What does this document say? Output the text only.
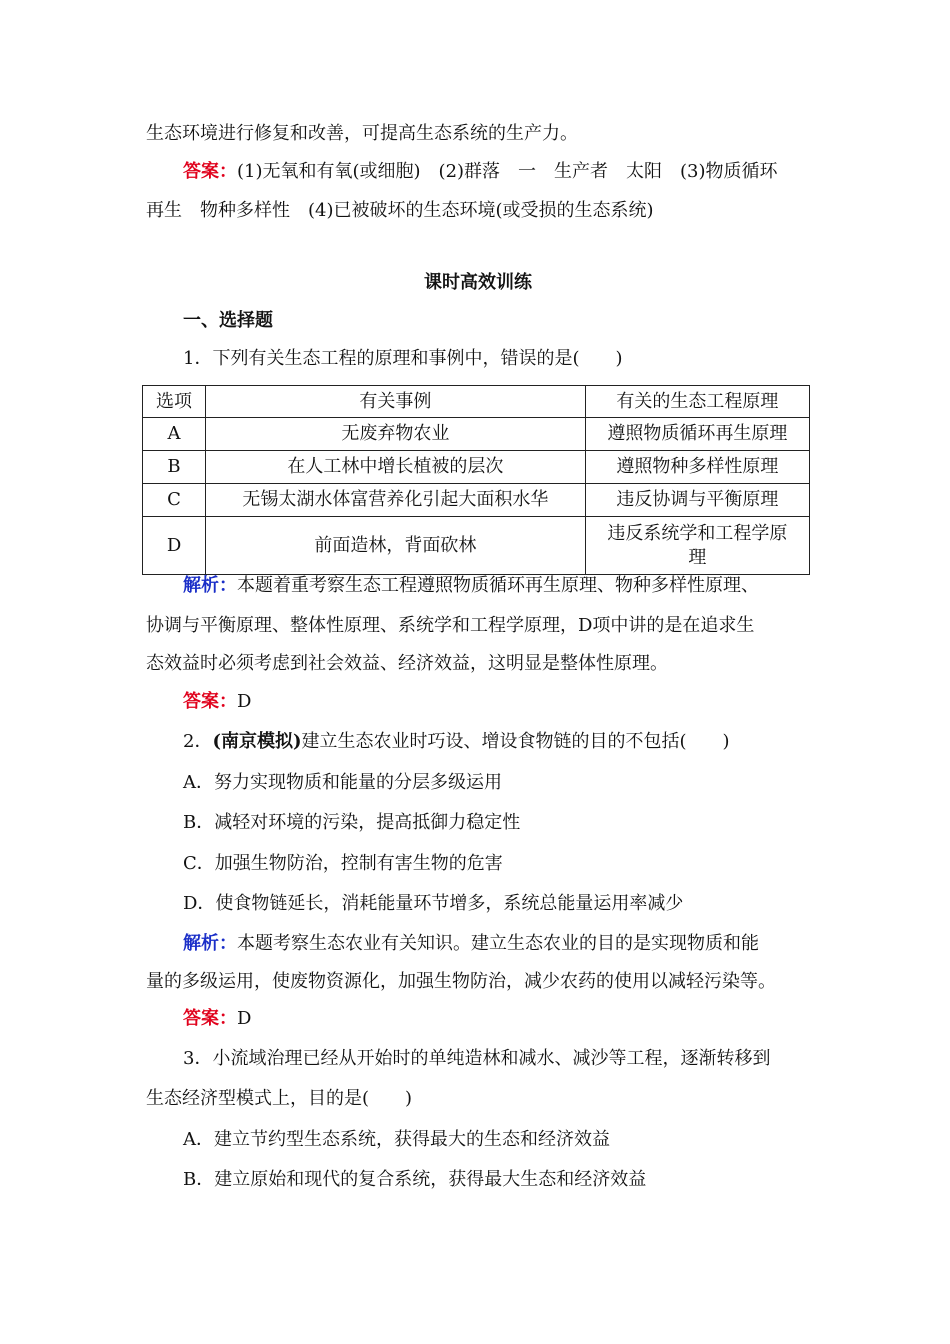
生态环境进行修复和改善，可提高生态系统的生产力。
答案：(1)无氧和有氧(或细胞)　(2)群落　一　生产者　太阳　(3)物质循环
再生　物种多样性　(4)已被破坏的生态环境(或受损的生态系统)
课时高效训练
一、选择题
1．下列有关生态工程的原理和事例中，错误的是(　　)
选项	有关事例	有关的生态工程原理
A	无废弃物农业	遵照物质循环再生原理
B	在人工林中增长植被的层次	遵照物种多样性原理
C	无锡太湖水体富营养化引起大面积水华	违反协调与平衡原理
D	前面造林，背面砍林	违反系统学和工程学原
理
解析：本题着重考察生态工程遵照物质循环再生原理、物种多样性原理、
协调与平衡原理、整体性原理、系统学和工程学原理，D项中讲的是在追求生
态效益时必须考虑到社会效益、经济效益，这明显是整体性原理。
答案：D
2．(南京模拟)建立生态农业时巧设、增设食物链的目的不包括(　　)
A．努力实现物质和能量的分层多级运用
B．减轻对环境的污染，提高抵御力稳定性
C．加强生物防治，控制有害生物的危害
D．使食物链延长，消耗能量环节增多，系统总能量运用率减少
解析：本题考察生态农业有关知识。建立生态农业的目的是实现物质和能
量的多级运用，使废物资源化，加强生物防治，减少农药的使用以减轻污染等。
答案：D
3．小流域治理已经从开始时的单纯造林和减水、减沙等工程，逐渐转移到
生态经济型模式上，目的是(　　)
A．建立节约型生态系统，获得最大的生态和经济效益
B．建立原始和现代的复合系统，获得最大生态和经济效益
